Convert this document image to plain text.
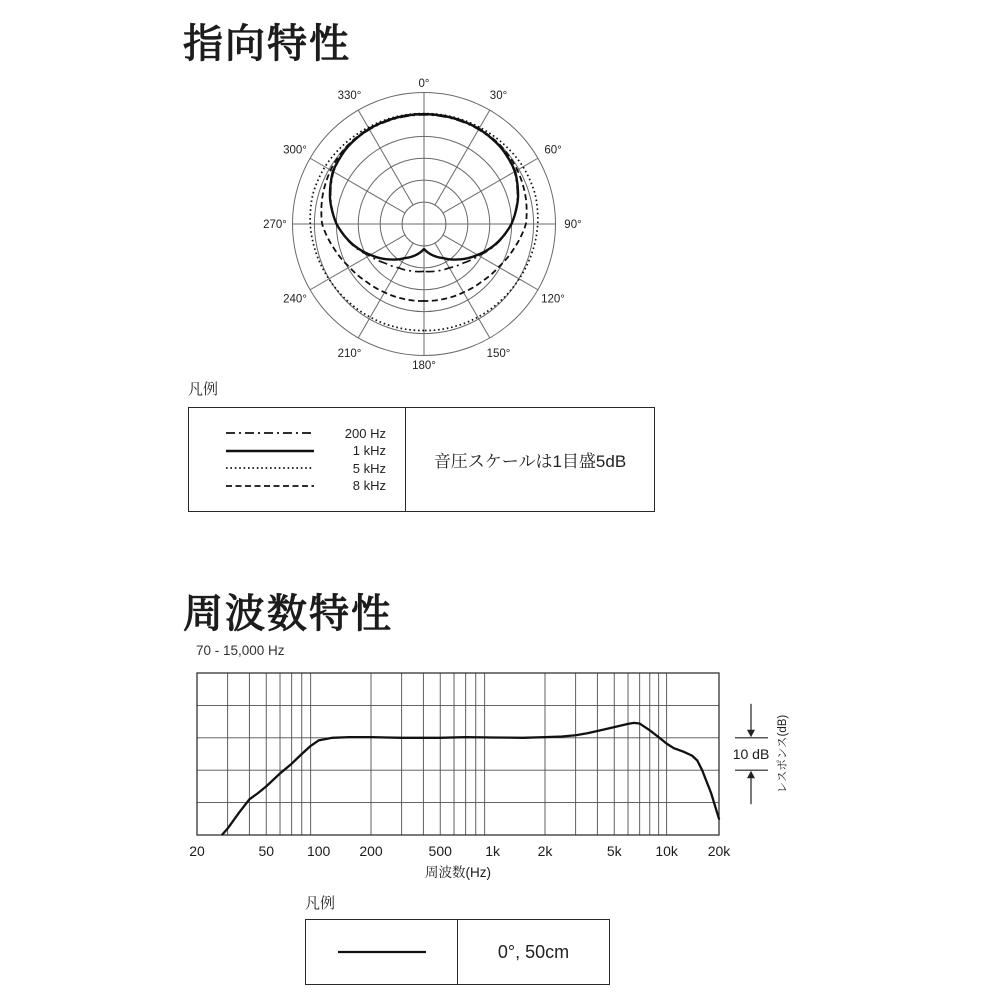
指向特性
0°
30°
60°
90°
120°
150°
180°
210°
240°
270°
300°
330°
凡例
200 Hz
1 kHz
5 kHz
8 kHz
音圧スケールは1目盛5dB
周波数特性
70 - 15,000 Hz
20	50 100 200	500 1k	2k	5k 10k 20k
周波数(Hz)
10 dB レスポンス(dB)
凡例
0°, 50cm
